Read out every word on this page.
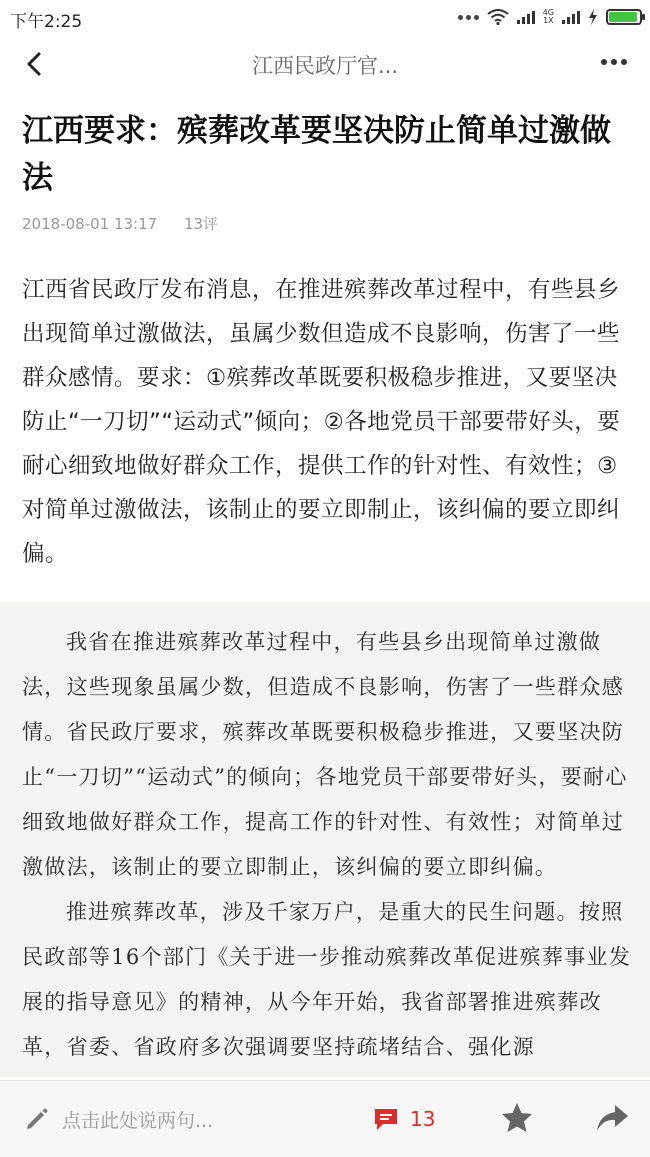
下午2:25	4G
1X
江西民政厅官...
江西要求：殡葬改革要坚决防止简单过激做法
2018-08-01 13:17 13评
江西省民政厅发布消息，在推进殡葬改革过程中，有些县乡出现简单过激做法，虽属少数但造成不良影响，伤害了一些群众感情。要求：①殡葬改革既要积极稳步推进，又要坚决防止“一刀切”“运动式”倾向；②各地党员干部要带好头，要耐心细致地做好群众工作，提供工作的针对性、有效性；③对简单过激做法，该制止的要立即制止，该纠偏的要立即纠偏。

我省在推进殡葬改革过程中，有些县乡出现简单过激做法，这些现象虽属少数，但造成不良影响，伤害了一些群众感情。省民政厅要求，殡葬改革既要积极稳步推进，又要坚决防止“一刀切”“运动式”的倾向；各地党员干部要带好头，要耐心细致地做好群众工作，提高工作的针对性、有效性；对简单过激做法，该制止的要立即制止，该纠偏的要立即纠偏。

推进殡葬改革，涉及千家万户，是重大的民生问题。按照民政部等16个部门《关于进一步推动殡葬改革促进殡葬事业发展的指导意见》的精神，从今年开始，我省部署推进殡葬改革，省委、省政府多次强调要坚持疏堵结合、强化源

点击此处说两句...	13
